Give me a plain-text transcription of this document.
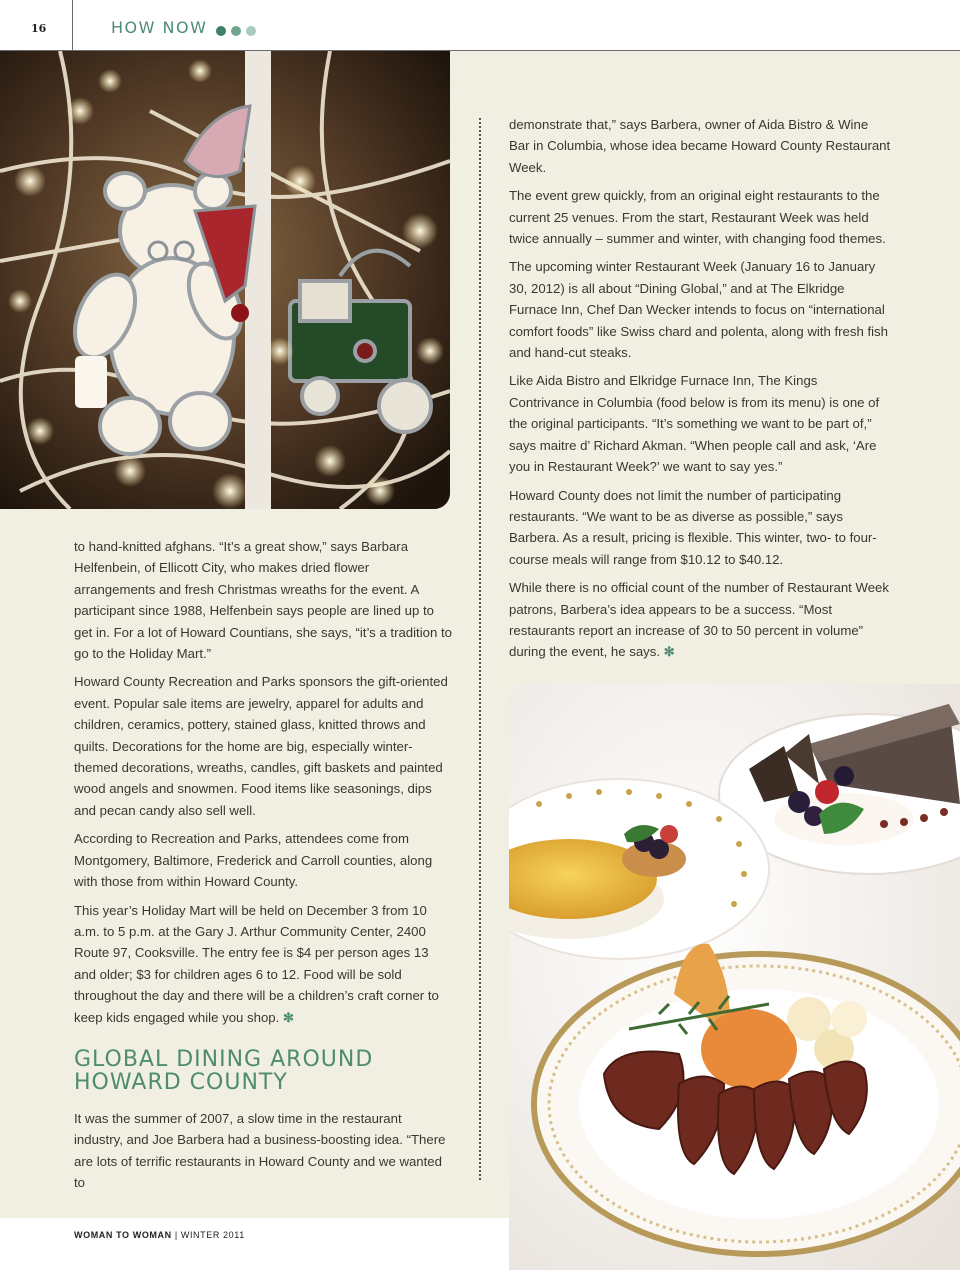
16	HOW NOW

to hand-knitted afghans. “It’s a great show,” says Barbara Helfenbein, of Ellicott City, who makes dried flower arrangements and fresh Christmas wreaths for the event. A participant since 1988, Helfenbein says people are lined up to get in. For a lot of Howard Countians, she says, “it’s a tradition to go to the Holiday Mart.”

Howard County Recreation and Parks sponsors the gift-oriented event. Popular sale items are jewelry, apparel for adults and children, ceramics, pottery, stained glass, knitted throws and quilts. Decorations for the home are big, especially winter-themed decorations, wreaths, candles, gift baskets and painted wood angels and snowmen. Food items like seasonings, dips and pecan candy also sell well.

According to Recreation and Parks, attendees come from Montgomery, Baltimore, Frederick and Carroll counties, along with those from within Howard County.

This year’s Holiday Mart will be held on December 3 from 10 a.m. to 5 p.m. at the Gary J. Arthur Community Center, 2400 Route 97, Cooksville. The entry fee is $4 per person ages 13 and older; $3 for children ages 6 to 12. Food will be sold throughout the day and there will be a children’s craft corner to keep kids engaged while you shop. ✻

GLOBAL DINING AROUND HOWARD COUNTY

It was the summer of 2007, a slow time in the restaurant industry, and Joe Barbera had a business-boosting idea. “There are lots of terrific restaurants in Howard County and we wanted to

demonstrate that,” says Barbera, owner of Aida Bistro & Wine Bar in Columbia, whose idea became Howard County Restaurant Week.

The event grew quickly, from an original eight restaurants to the current 25 venues. From the start, Restaurant Week was held twice annually – summer and winter, with changing food themes.

The upcoming winter Restaurant Week (January 16 to January 30, 2012) is all about “Dining Global,” and at The Elkridge Furnace Inn, Chef Dan Wecker intends to focus on “international comfort foods” like Swiss chard and polenta, along with fresh fish and hand-cut steaks.

Like Aida Bistro and Elkridge Furnace Inn, The Kings Contrivance in Columbia (food below is from its menu) is one of the original participants. “It’s something we want to be part of,” says maitre d’ Richard Akman. “When people call and ask, ‘Are you in Restaurant Week?’ we want to say yes.”

Howard County does not limit the number of participating restaurants. “We want to be as diverse as possible,” says Barbera. As a result, pricing is flexible. This winter, two- to four-course meals will range from $10.12 to $40.12.

While there is no official count of the number of Restaurant Week patrons, Barbera’s idea appears to be a success. “Most restaurants report an increase of 30 to 50 percent in volume” during the event, he says. ✻

WOMAN TO WOMAN | WINTER 2011
